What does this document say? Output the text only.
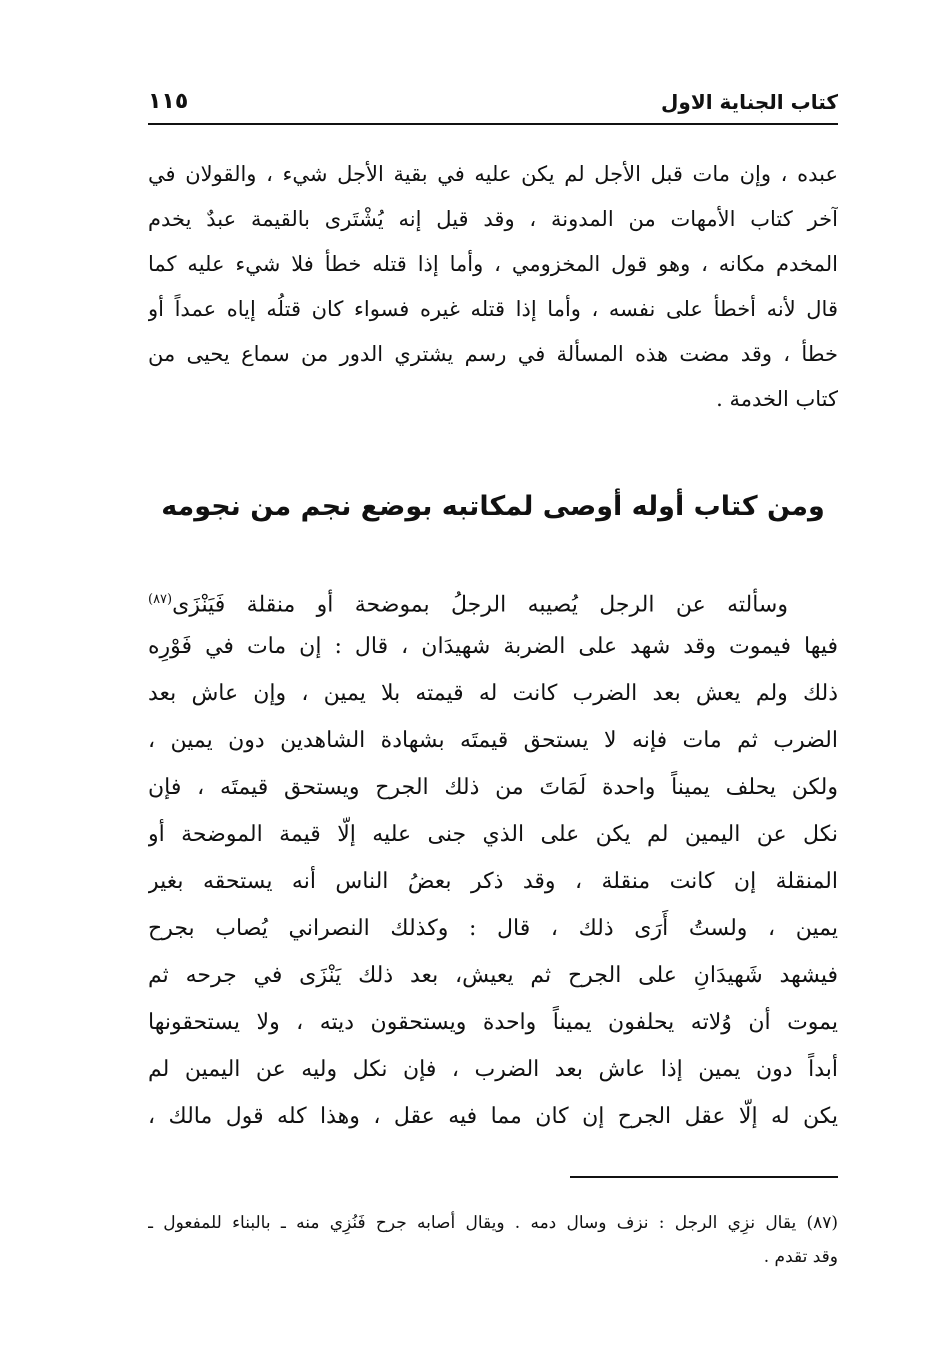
كتاب الجناية الاول
١١٥
عبده ، وإن مات قبل الأجل لم يكن عليه في بقية الأجل شيء ، والقولان في
آخر كتاب الأمهات من المدونة ، وقد قيل إنه يُشْتَرى بالقيمة عبدٌ يخدم
المخدم مكانه ، وهو قول المخزومي ، وأما إذا قتله خطأ فلا شيء عليه كما
قال لأنه أخطأ على نفسه ، وأما إذا قتله غيره فسواء كان قتلُه إياه عمداً أو
خطأ ، وقد مضت هذه المسألة في رسم يشتري الدور من سماع يحيى من
كتاب الخدمة .
ومن كتاب أوله أوصى لمكاتبه بوضع نجم من نجومه
وسألته عن الرجل يُصيبه الرجلُ بموضحة أو منقلة فَيَنْزَى$^{(٨٧)}$
فيها فيموت وقد شهد على الضربة شهيدَان ، قال : إن مات في فَوْرِه
ذلك ولم يعش بعد الضرب كانت له قيمته بلا يمين ، وإن عاش بعد
الضرب ثم مات فإنه لا يستحق قيمتَه بشهادة الشاهدين دون يمين ،
ولكن يحلف يميناً واحدة لَمَاتَ من ذلك الجرح ويستحق قيمتَه ، فإن
نكل عن اليمين لم يكن على الذي جنى عليه إلّا قيمة الموضحة أو
المنقلة إن كانت منقلة ، وقد ذكر بعضُ الناس أنه يستحقه بغير
يمين ، ولستُ أَرَى ذلك ، قال : وكذلك النصراني يُصاب بجرح
فيشهد شَهيدَانِ على الجرح ثم يعيش، بعد ذلك يَنْزَى في جرحه ثم
يموت أن وُلاته يحلفون يميناً واحدة ويستحقون ديته ، ولا يستحقونها
أبداً دون يمين إذا عاش بعد الضرب ، فإن نكل وليه عن اليمين لم
يكن له إلّا عقل الجرح إن كان مما فيه عقل ، وهذا كله قول مالك ،
(٨٧) يقال نزِي الرجل : نزف وسال دمه . ويقال أصابه جرح فَنُزِي منه ـ بالبناء للمفعول ـ
وقد تقدم .
